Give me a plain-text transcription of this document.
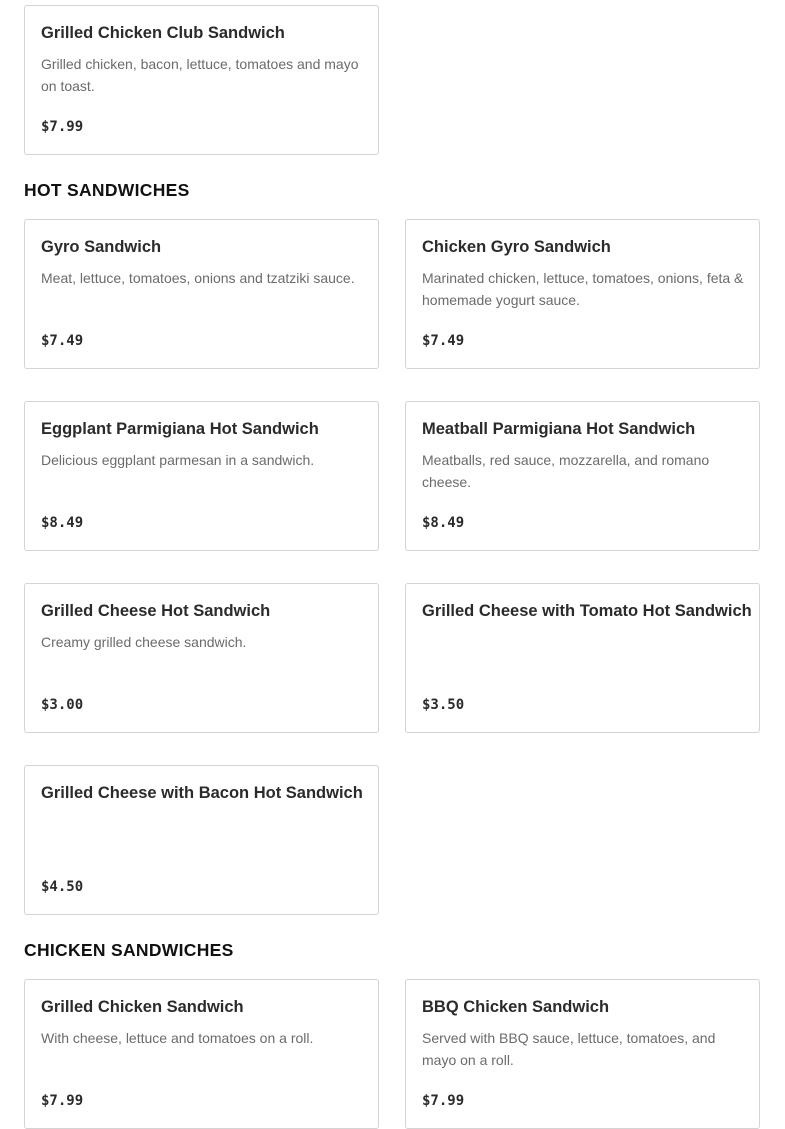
Grilled Chicken Club Sandwich
Grilled chicken, bacon, lettuce, tomatoes and mayo on toast.
$7.99
HOT SANDWICHES
Gyro Sandwich
Meat, lettuce, tomatoes, onions and tzatziki sauce.
$7.49
Chicken Gyro Sandwich
Marinated chicken, lettuce, tomatoes, onions, feta & homemade yogurt sauce.
$7.49
Eggplant Parmigiana Hot Sandwich
Delicious eggplant parmesan in a sandwich.
$8.49
Meatball Parmigiana Hot Sandwich
Meatballs, red sauce, mozzarella, and romano cheese.
$8.49
Grilled Cheese Hot Sandwich
Creamy grilled cheese sandwich.
$3.00
Grilled Cheese with Tomato Hot Sandwich
$3.50
Grilled Cheese with Bacon Hot Sandwich
$4.50
CHICKEN SANDWICHES
Grilled Chicken Sandwich
With cheese, lettuce and tomatoes on a roll.
$7.99
BBQ Chicken Sandwich
Served with BBQ sauce, lettuce, tomatoes, and mayo on a roll.
$7.99
